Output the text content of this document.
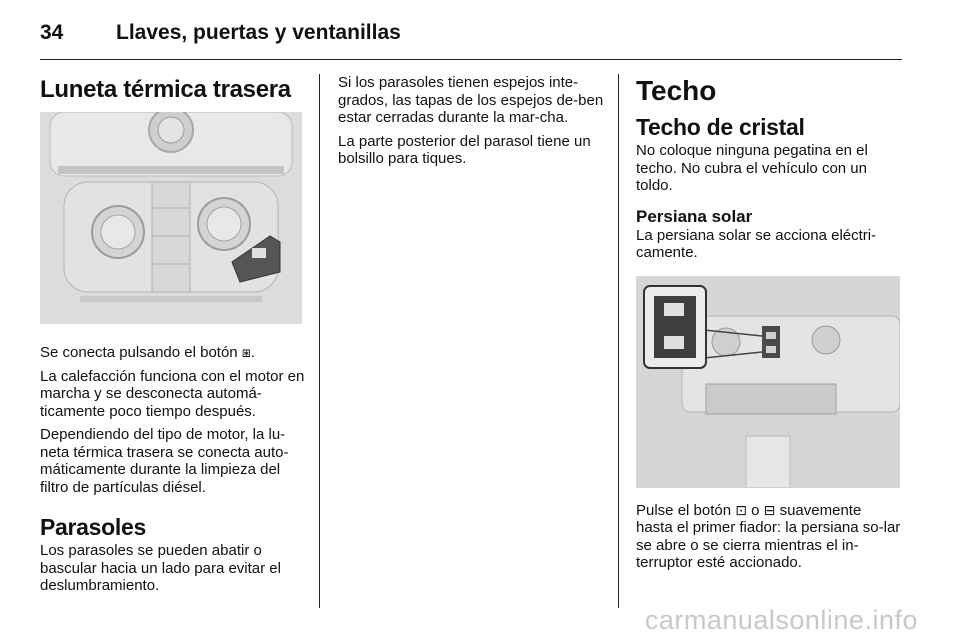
34	Llaves, puertas y ventanillas
Luneta térmica trasera

Se conecta pulsando el botón ⧆.

La calefacción funciona con el motor en marcha y se desconecta automá-ticamente poco tiempo después.

Dependiendo del tipo de motor, la lu-neta térmica trasera se conecta auto-máticamente durante la limpieza del filtro de partículas diésel.

Parasoles

Los parasoles se pueden abatir o bascular hacia un lado para evitar el deslumbramiento.

Si los parasoles tienen espejos inte-grados, las tapas de los espejos de-ben estar cerradas durante la mar-cha.

La parte posterior del parasol tiene un bolsillo para tiques.

Techo
Techo de cristal

No coloque ninguna pegatina en el techo. No cubra el vehículo con un toldo.

Persiana solar

La persiana solar se acciona eléctri-camente.

Pulse el botón ⊡ o ⊟ suavemente hasta el primer fiador: la persiana so-lar se abre o se cierra mientras el in-terruptor esté accionado.

carmanualsonline.info
